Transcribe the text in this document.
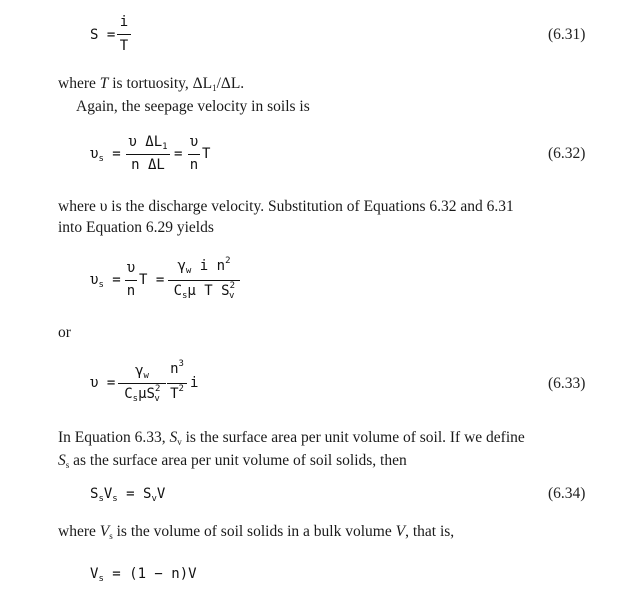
S =
i
T
(6.31)
where T is tortuosity, ΔL1/ΔL.
Again, the seepage velocity in soils is
$\upsilon_s$ =
υ $\Delta L_1$
n ΔL
=
υ
n
T	(6.32)
where υ is the discharge velocity. Substitution of Equations 6.32 and 6.31
into Equation 6.29 yields
$\upsilon_s$ =
υ
n
T =
$\gamma_w$ i $n^2$
$C_s\mu$ T $S^2_v$
or
υ =
$\gamma_w$
$C_s\mu S^2_v$
$n^3$
$T^2$ i	(6.33)
In Equation 6.33, Sv is the surface area per unit volume of soil. If we define
Ss as the surface area per unit volume of soil solids, then
$S_sV_s = S_vV$	(6.34)
where Vs is the volume of soil solids in a bulk volume V, that is,
$V_s = (1 - n)V$
